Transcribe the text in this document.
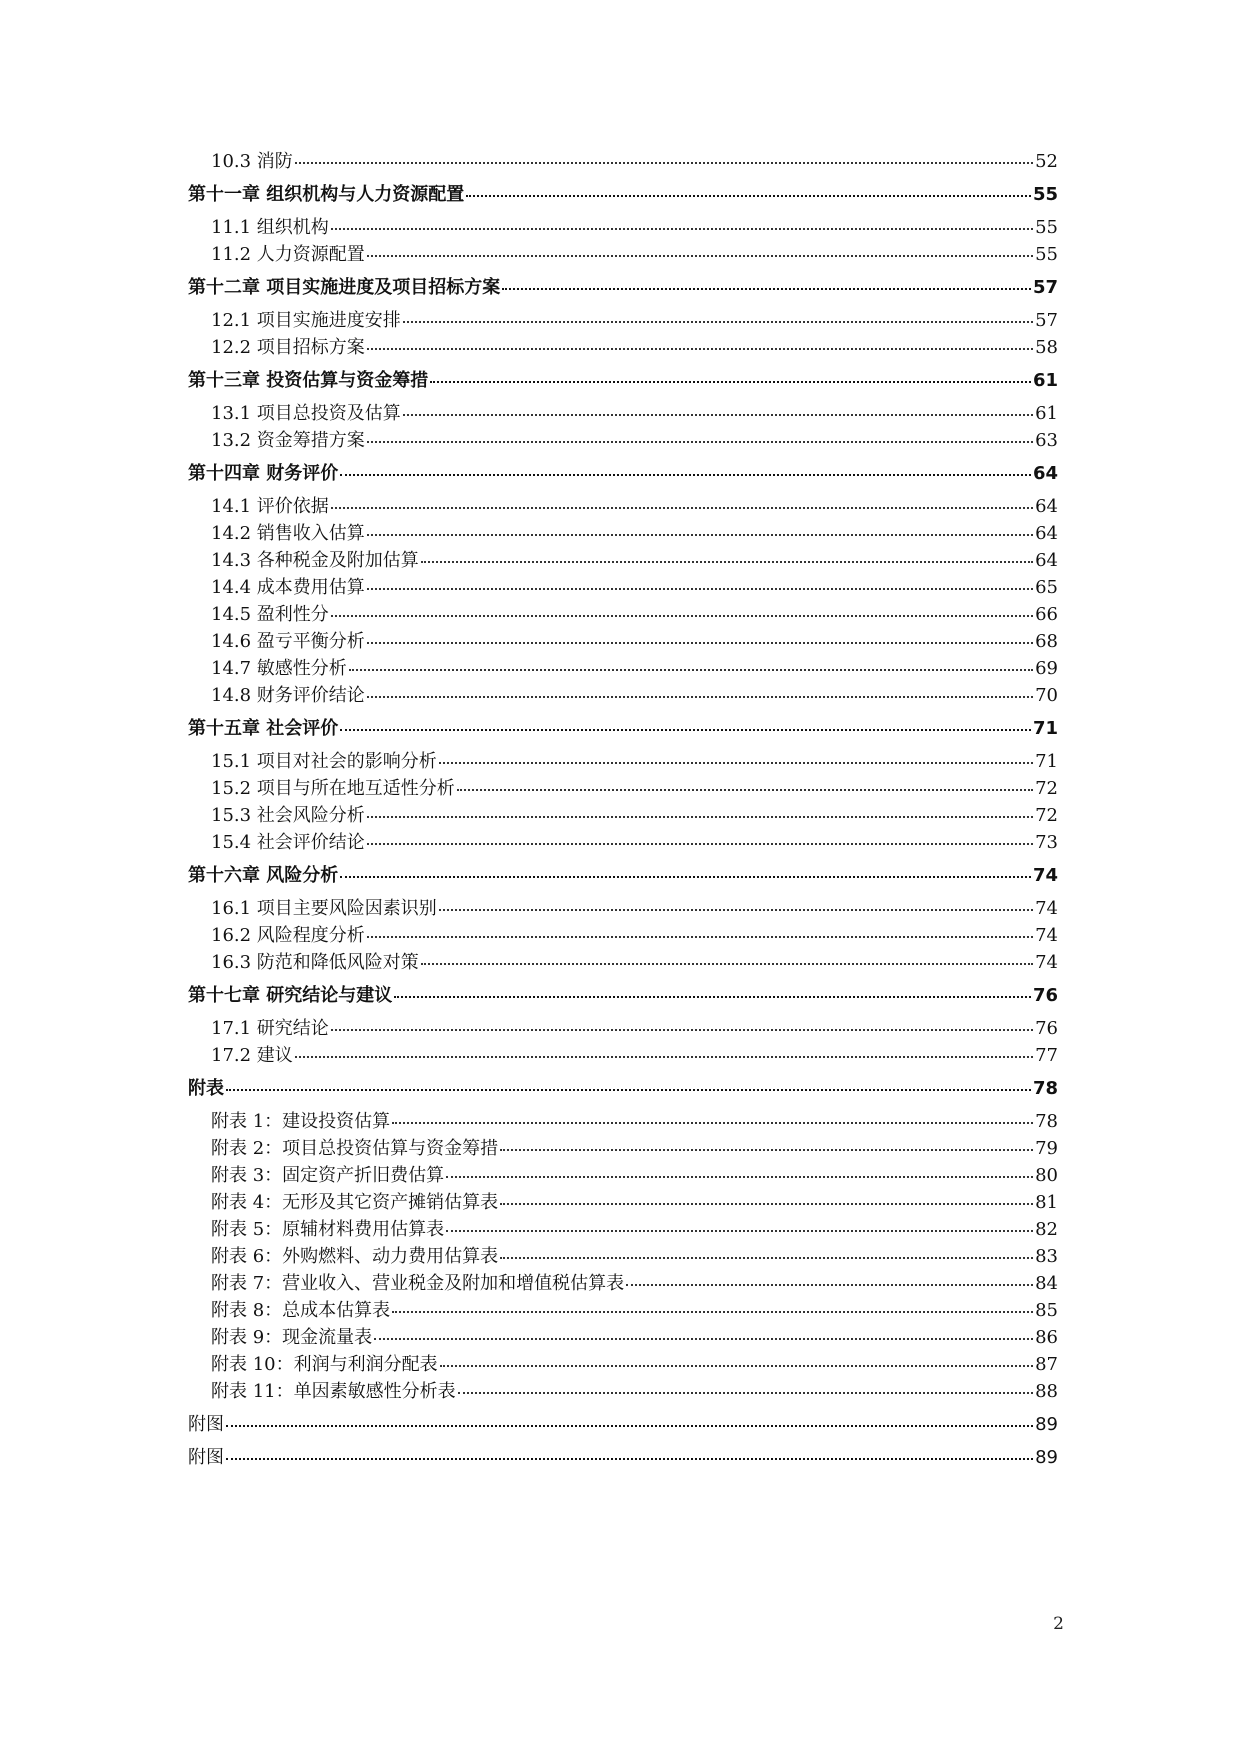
10.3 消防	52
第十一章 组织机构与人力资源配置	55
11.1 组织机构	55
11.2 人力资源配置	55
第十二章 项目实施进度及项目招标方案	57
12.1 项目实施进度安排	57
12.2 项目招标方案	58
第十三章 投资估算与资金筹措	61
13.1 项目总投资及估算	61
13.2 资金筹措方案	63
第十四章 财务评价	64
14.1 评价依据	64
14.2 销售收入估算	64
14.3 各种税金及附加估算	64
14.4 成本费用估算	65
14.5 盈利性分	66
14.6 盈亏平衡分析	68
14.7 敏感性分析	69
14.8 财务评价结论	70
第十五章 社会评价	71
15.1 项目对社会的影响分析	71
15.2 项目与所在地互适性分析	72
15.3 社会风险分析	72
15.4 社会评价结论	73
第十六章 风险分析	74
16.1 项目主要风险因素识别	74
16.2 风险程度分析	74
16.3 防范和降低风险对策	74
第十七章 研究结论与建议	76
17.1 研究结论	76
17.2 建议	77
附表	78
附表 1：建设投资估算	78
附表 2：项目总投资估算与资金筹措	79
附表 3：固定资产折旧费估算	80
附表 4：无形及其它资产摊销估算表	81
附表 5：原辅材料费用估算表	82
附表 6：外购燃料、动力费用估算表	83
附表 7：营业收入、营业税金及附加和增值税估算表	84
附表 8：总成本估算表	85
附表 9：现金流量表	86
附表 10：利润与利润分配表	87
附表 11：单因素敏感性分析表	88
附图	89
附图	89
2
